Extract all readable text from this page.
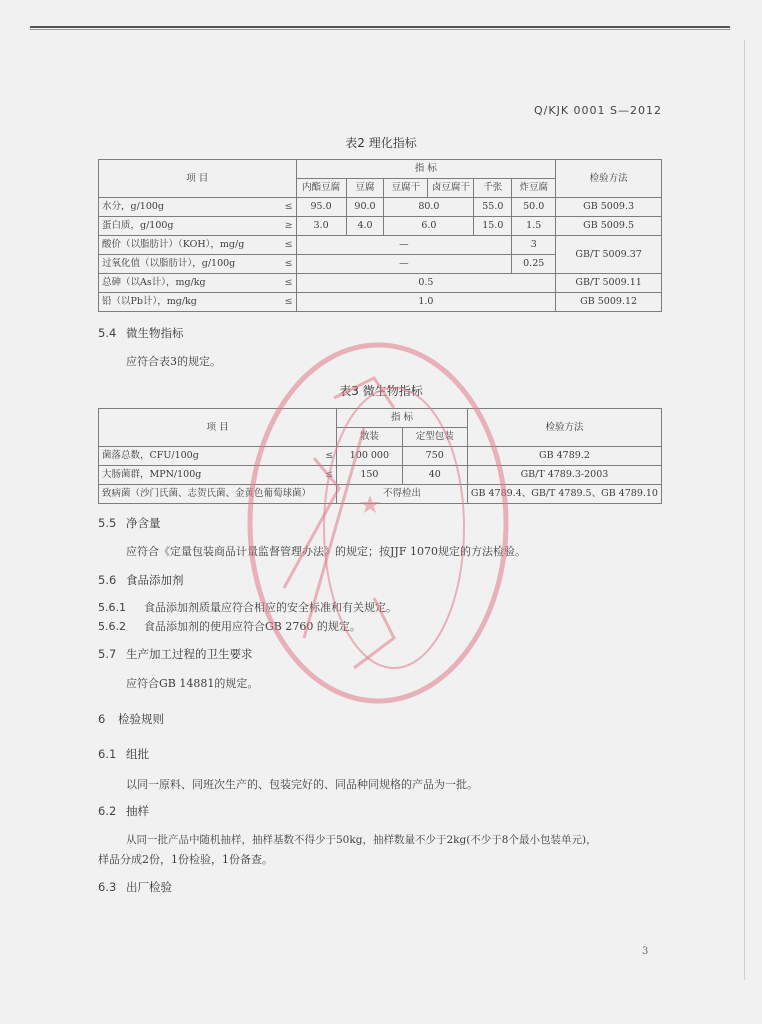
Q/KJK 0001 S—2012
表2 理化指标
项 目	指 标						检验方法
	内酯豆腐	豆腐	豆腐干	卤豆腐干	千张	炸豆腐	
水分，g/100g ≤	95.0	90.0	80.0		55.0	50.0	GB 5009.3
蛋白质，g/100g ≥	3.0	4.0	6.0		15.0	1.5	GB 5009.5
酸价（以脂肪计）（KOH），mg/g ≤	—					3	GB/T 5009.37
过氧化值（以脂肪计），g/100g ≤	—					0.25	
总砷（以As计），mg/kg ≤	0.5						GB/T 5009.11
铅（以Pb计），mg/kg ≤	1.0						GB 5009.12
5.4 微生物指标
应符合表3的规定。
表3 微生物指标
项 目	指 标		检验方法
	散装	定型包装	
菌落总数，CFU/100g ≤	100 000	750	GB 4789.2
大肠菌群，MPN/100g ≤	150	40	GB/T 4789.3-2003
致病菌（沙门氏菌、志贺氏菌、金黄色葡萄球菌）	不得检出		GB 4789.4、GB/T 4789.5、GB 4789.10
5.5 净含量
应符合《定量包装商品计量监督管理办法》的规定；按JJF 1070规定的方法检验。
5.6 食品添加剂
5.6.1 食品添加剂质量应符合相应的安全标准和有关规定。
5.6.2 食品添加剂的使用应符合GB 2760 的规定。
5.7 生产加工过程的卫生要求
应符合GB 14881的规定。
6 检验规则
6.1 组批
以同一原料、同班次生产的、包装完好的、同品种同规格的产品为一批。
6.2 抽样
从同一批产品中随机抽样，抽样基数不得少于50kg，抽样数量不少于2kg(不少于8个最小包装单元)，
样品分成2份，1份检验，1份备查。
6.3 出厂检验
3
